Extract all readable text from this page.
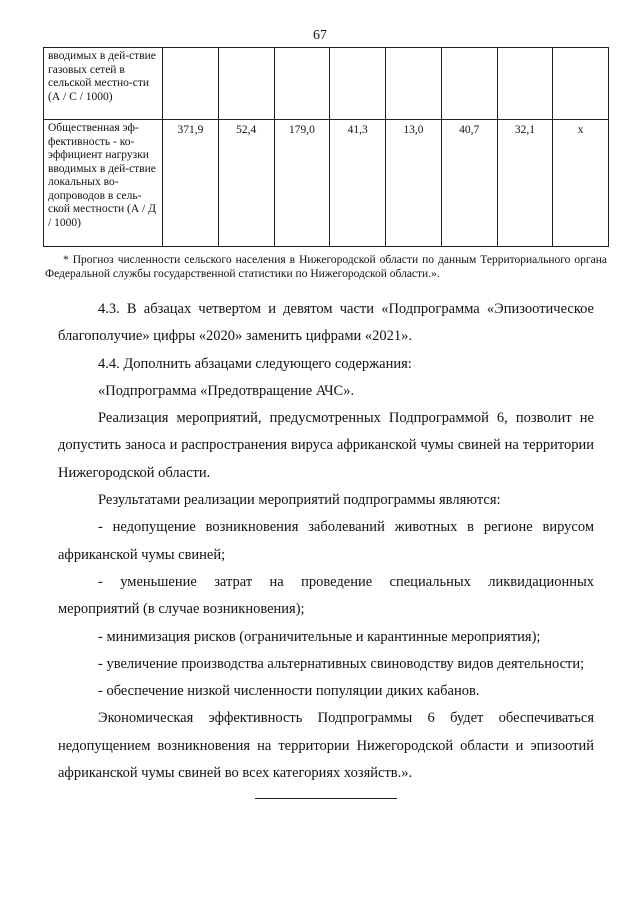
67
вводимых в дей-ствие газовых сетей в сельской местно-сти (А / С / 1000)								
Общественная эф-фективность - ко-эффициент нагрузки вводимых в дей-ствие локальных во-допроводов в сель-ской местности (А / Д / 1000)	371,9	52,4	179,0	41,3	13,0	40,7	32,1	х
* Прогноз численности сельского населения в Нижегородской области по данным Территориального органа Федеральной службы государственной статистики по Нижегородской области.».

4.3. В абзацах четвертом и девятом части «Подпрограмма «Эпизоотическое благополучие» цифры «2020» заменить цифрами «2021».

4.4. Дополнить абзацами следующего содержания:

«Подпрограмма «Предотвращение АЧС».

Реализация мероприятий, предусмотренных Подпрограммой 6, позволит не допустить заноса и распространения вируса африканской чумы свиней на территории Нижегородской области.

Результатами реализации мероприятий подпрограммы являются:

- недопущение возникновения заболеваний животных в регионе вирусом африканской чумы свиней;

- уменьшение затрат на проведение специальных ликвидационных мероприятий (в случае возникновения);

- минимизация рисков (ограничительные и карантинные мероприятия);

- увеличение производства альтернативных свиноводству видов деятельности;

- обеспечение низкой численности популяции диких кабанов.

Экономическая эффективность Подпрограммы 6 будет обеспечиваться недопущением возникновения на территории Нижегородской области и эпизоотий африканской чумы свиней во всех категориях хозяйств.».
